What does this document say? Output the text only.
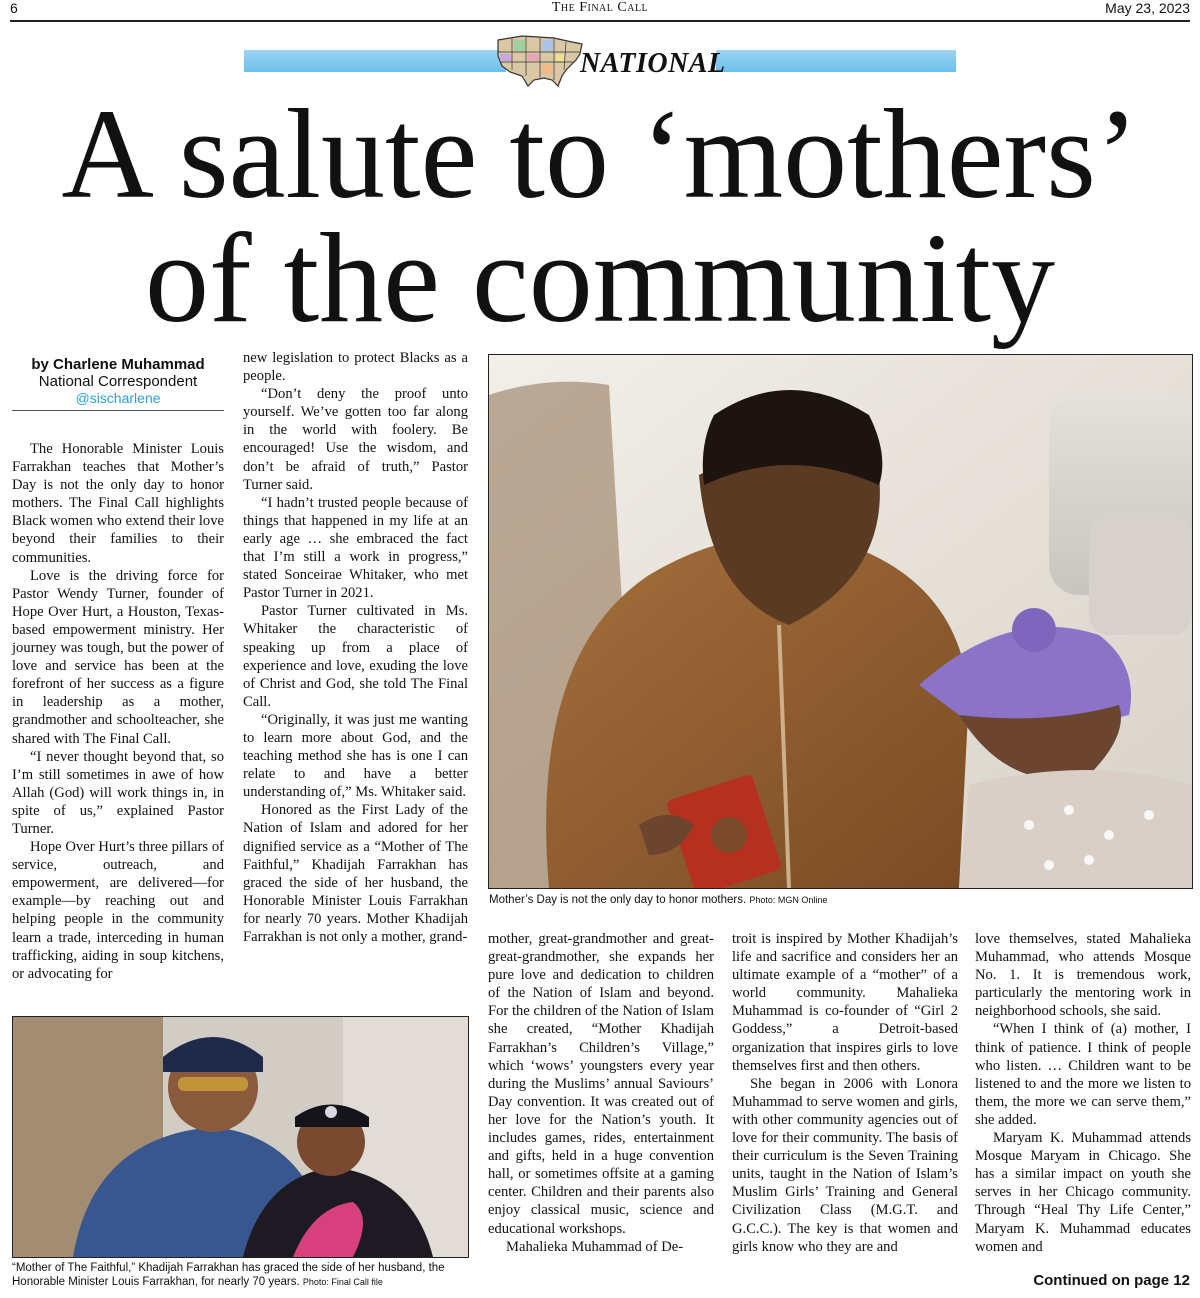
6	The Final Call	May 23, 2023
NATIONAL
A salute to ‘mothers’
of the community
by Charlene Muhammad
National Correspondent
@sischarlene

The Honorable Minister Louis Farrakhan teaches that Mother’s Day is not the only day to honor mothers. The Final Call highlights Black women who extend their love beyond their families to their communities.

Love is the driving force for Pastor Wendy Turner, founder of Hope Over Hurt, a Houston, Texas-based empowerment ministry. Her journey was tough, but the power of love and service has been at the forefront of her success as a figure in leadership as a mother, grandmother and schoolteacher, she shared with The Final Call.

“I never thought beyond that, so I’m still sometimes in awe of how Allah (God) will work things in, in spite of us,” explained Pastor Turner.

Hope Over Hurt’s three pillars of service, outreach, and empowerment, are delivered—for example—by reaching out and helping people in the community learn a trade, interceding in human trafficking, aiding in soup kitchens, or advocating for

new legislation to protect Blacks as a people.

“Don’t deny the proof unto yourself. We’ve gotten too far along in the world with foolery. Be encouraged! Use the wisdom, and don’t be afraid of truth,” Pastor Turner said.

“I hadn’t trusted people because of things that happened in my life at an early age … she embraced the fact that I’m still a work in progress,” stated Sonceirae Whitaker, who met Pastor Turner in 2021.

Pastor Turner cultivated in Ms. Whitaker the characteristic of speaking up from a place of experience and love, exuding the love of Christ and God, she told The Final Call.

“Originally, it was just me wanting to learn more about God, and the teaching method she has is one I can relate to and have a better understanding of,” Ms. Whitaker said.

Honored as the First Lady of the Nation of Islam and adored for her dignified service as a “Mother of The Faithful,” Khadijah Farrakhan has graced the side of her husband, the Honorable Minister Louis Farrakhan for nearly 70 years. Mother Khadijah Farrakhan is not only a mother, grand-

Mother’s Day is not the only day to honor mothers. Photo: MGN Online
“Mother of The Faithful,” Khadijah Farrakhan has graced the side of her husband, the Honorable Minister Louis Farrakhan, for nearly 70 years. Photo: Final Call file

mother, great-grandmother and great-great-grandmother, she expands her pure love and dedication to children of the Nation of Islam and beyond. For the children of the Nation of Islam she created, “Mother Khadijah Farrakhan’s Children’s Village,” which ‘wows’ youngsters every year during the Muslims’ annual Saviours’ Day convention. It was created out of her love for the Nation’s youth. It includes games, rides, entertainment and gifts, held in a huge convention hall, or sometimes offsite at a gaming center. Children and their parents also enjoy classical music, science and educational workshops.

Mahalieka Muhammad of De-

troit is inspired by Mother Khadijah’s life and sacrifice and considers her an ultimate example of a “mother” of a world community. Mahalieka Muhammad is co-founder of “Girl 2 Goddess,” a Detroit-based organization that inspires girls to love themselves first and then others.

She began in 2006 with Lonora Muhammad to serve women and girls, with other community agencies out of love for their community. The basis of their curriculum is the Seven Training units, taught in the Nation of Islam’s Muslim Girls’ Training and General Civilization Class (M.G.T. and G.C.C.). The key is that women and girls know who they are and

love themselves, stated Mahalieka Muhammad, who attends Mosque No. 1. It is tremendous work, particularly the mentoring work in neighborhood schools, she said.

“When I think of (a) mother, I think of patience. I think of people who listen. … Children want to be listened to and the more we listen to them, the more we can serve them,” she added.

Maryam K. Muhammad attends Mosque Maryam in Chicago. She has a similar impact on youth she serves in her Chicago community. Through “Heal Thy Life Center,” Maryam K. Muhammad educates women and

Continued on page 12
